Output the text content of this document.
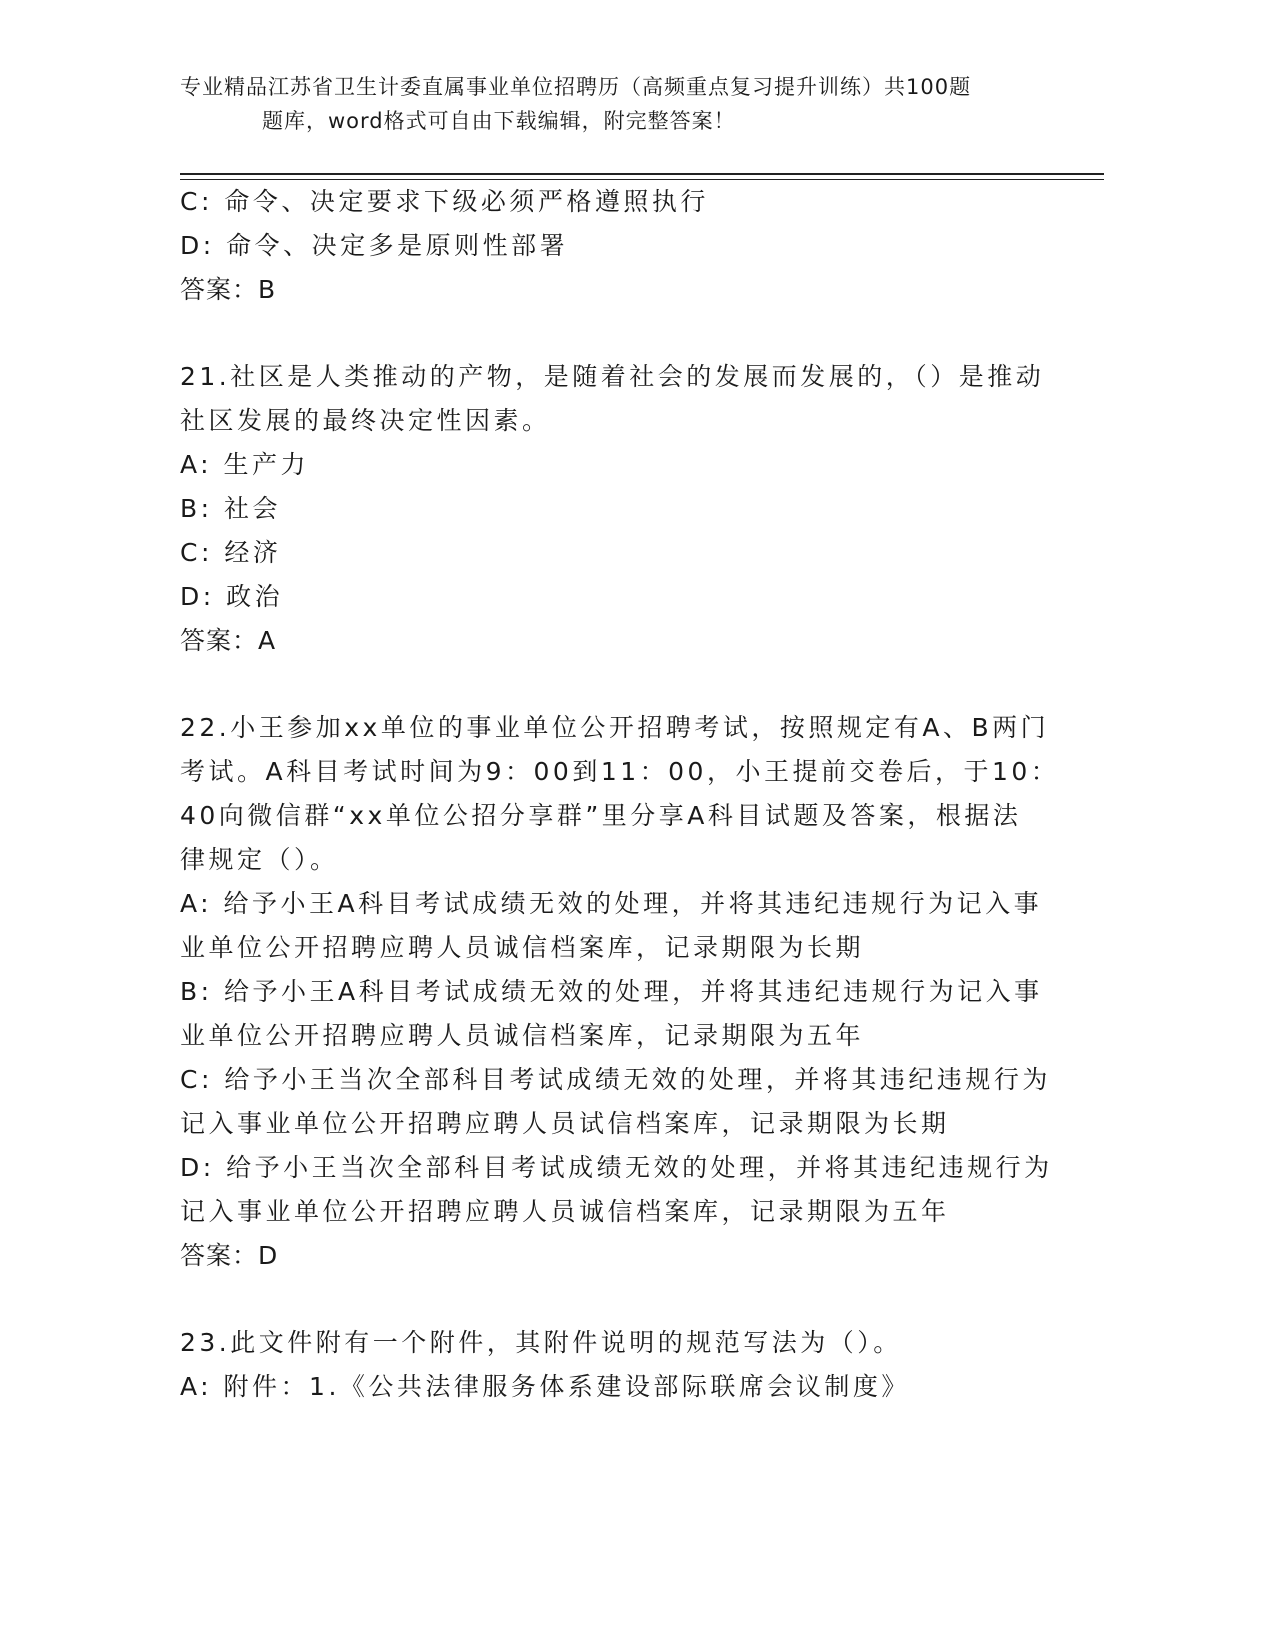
专业精品江苏省卫生计委直属事业单位招聘历（高频重点复习提升训练）共100题
题库，word格式可自由下载编辑，附完整答案！
C: 命令、决定要求下级必须严格遵照执行
D: 命令、决定多是原则性部署
答案：B
21.社区是人类推动的产物，是随着社会的发展而发展的，（）是推动
社区发展的最终决定性因素。
A: 生产力
B: 社会
C: 经济
D: 政治
答案：A
22.小王参加xx单位的事业单位公开招聘考试，按照规定有A、B两门
考试。A科目考试时间为9：00到11：00，小王提前交卷后，于10：
40向微信群“xx单位公招分享群”里分享A科目试题及答案，根据法
律规定（）。
A: 给予小王A科目考试成绩无效的处理，并将其违纪违规行为记入事
业单位公开招聘应聘人员诚信档案库，记录期限为长期
B: 给予小王A科目考试成绩无效的处理，并将其违纪违规行为记入事
业单位公开招聘应聘人员诚信档案库，记录期限为五年
C: 给予小王当次全部科目考试成绩无效的处理，并将其违纪违规行为
记入事业单位公开招聘应聘人员试信档案库，记录期限为长期
D: 给予小王当次全部科目考试成绩无效的处理，并将其违纪违规行为
记入事业单位公开招聘应聘人员诚信档案库，记录期限为五年
答案：D
23.此文件附有一个附件，其附件说明的规范写法为（）。
A: 附件：1.《公共法律服务体系建设部际联席会议制度》
